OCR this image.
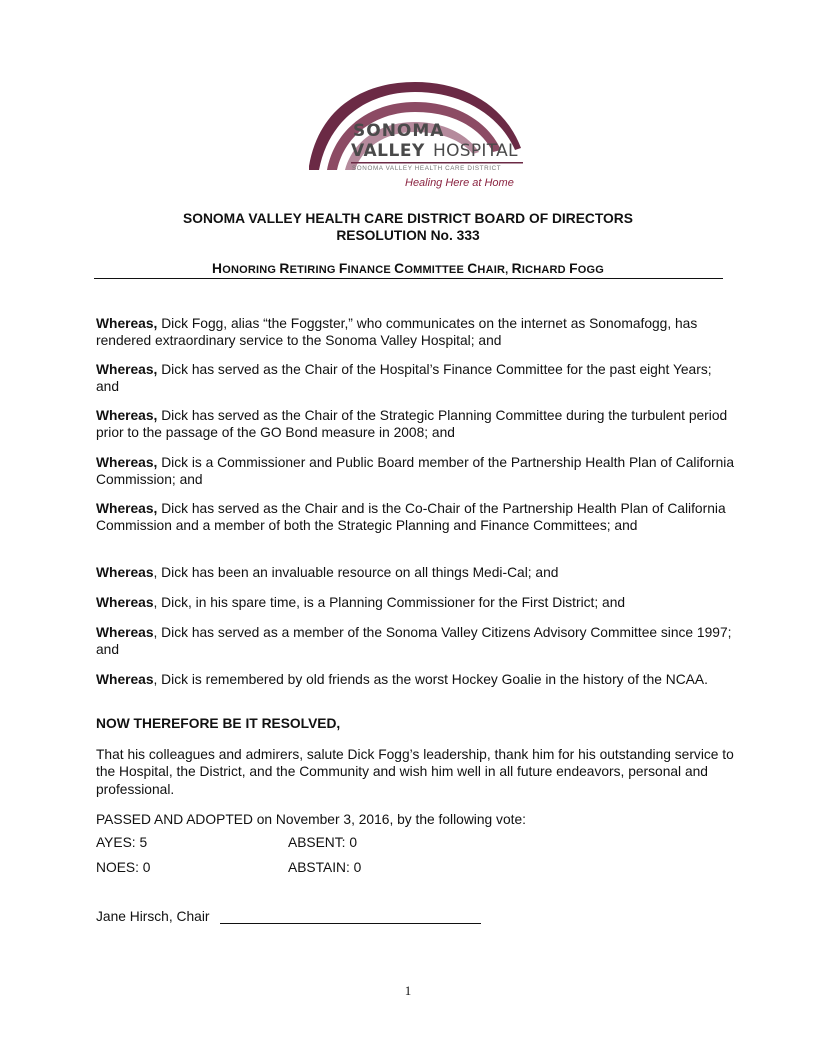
SONOMA
VALLEY HOSPITAL
SONOMA VALLEY HEALTH CARE DISTRICT
Healing Here at Home
SONOMA VALLEY HEALTH CARE DISTRICT BOARD OF DIRECTORS
RESOLUTION No. 333
HONORING RETIRING FINANCE COMMITTEE CHAIR, RICHARD FOGG

Whereas, Dick Fogg, alias “the Foggster,” who communicates on the internet as Sonomafogg, has rendered extraordinary service to the Sonoma Valley Hospital; and

Whereas, Dick has served as the Chair of the Hospital’s Finance Committee for the past eight Years; and

Whereas, Dick has served as the Chair of the Strategic Planning Committee during the turbulent period prior to the passage of the GO Bond measure in 2008; and

Whereas, Dick is a Commissioner and Public Board member of the Partnership Health Plan of California Commission; and

Whereas, Dick has served as the Chair and is the Co-Chair of the Partnership Health Plan of California Commission and a member of both the Strategic Planning and Finance Committees; and

Whereas, Dick has been an invaluable resource on all things Medi-Cal; and

Whereas, Dick, in his spare time, is a Planning Commissioner for the First District; and

Whereas, Dick has served as a member of the Sonoma Valley Citizens Advisory Committee since 1997; and

Whereas, Dick is remembered by old friends as the worst Hockey Goalie in the history of the NCAA.

NOW THEREFORE BE IT RESOLVED,

That his colleagues and admirers, salute Dick Fogg’s leadership, thank him for his outstanding service to the Hospital, the District, and the Community and wish him well in all future endeavors, personal and professional.

PASSED AND ADOPTED on November 3, 2016, by the following vote:

AYES: 5	ABSENT: 0
NOES: 0	ABSTAIN: 0
Jane Hirsch, Chair
1
